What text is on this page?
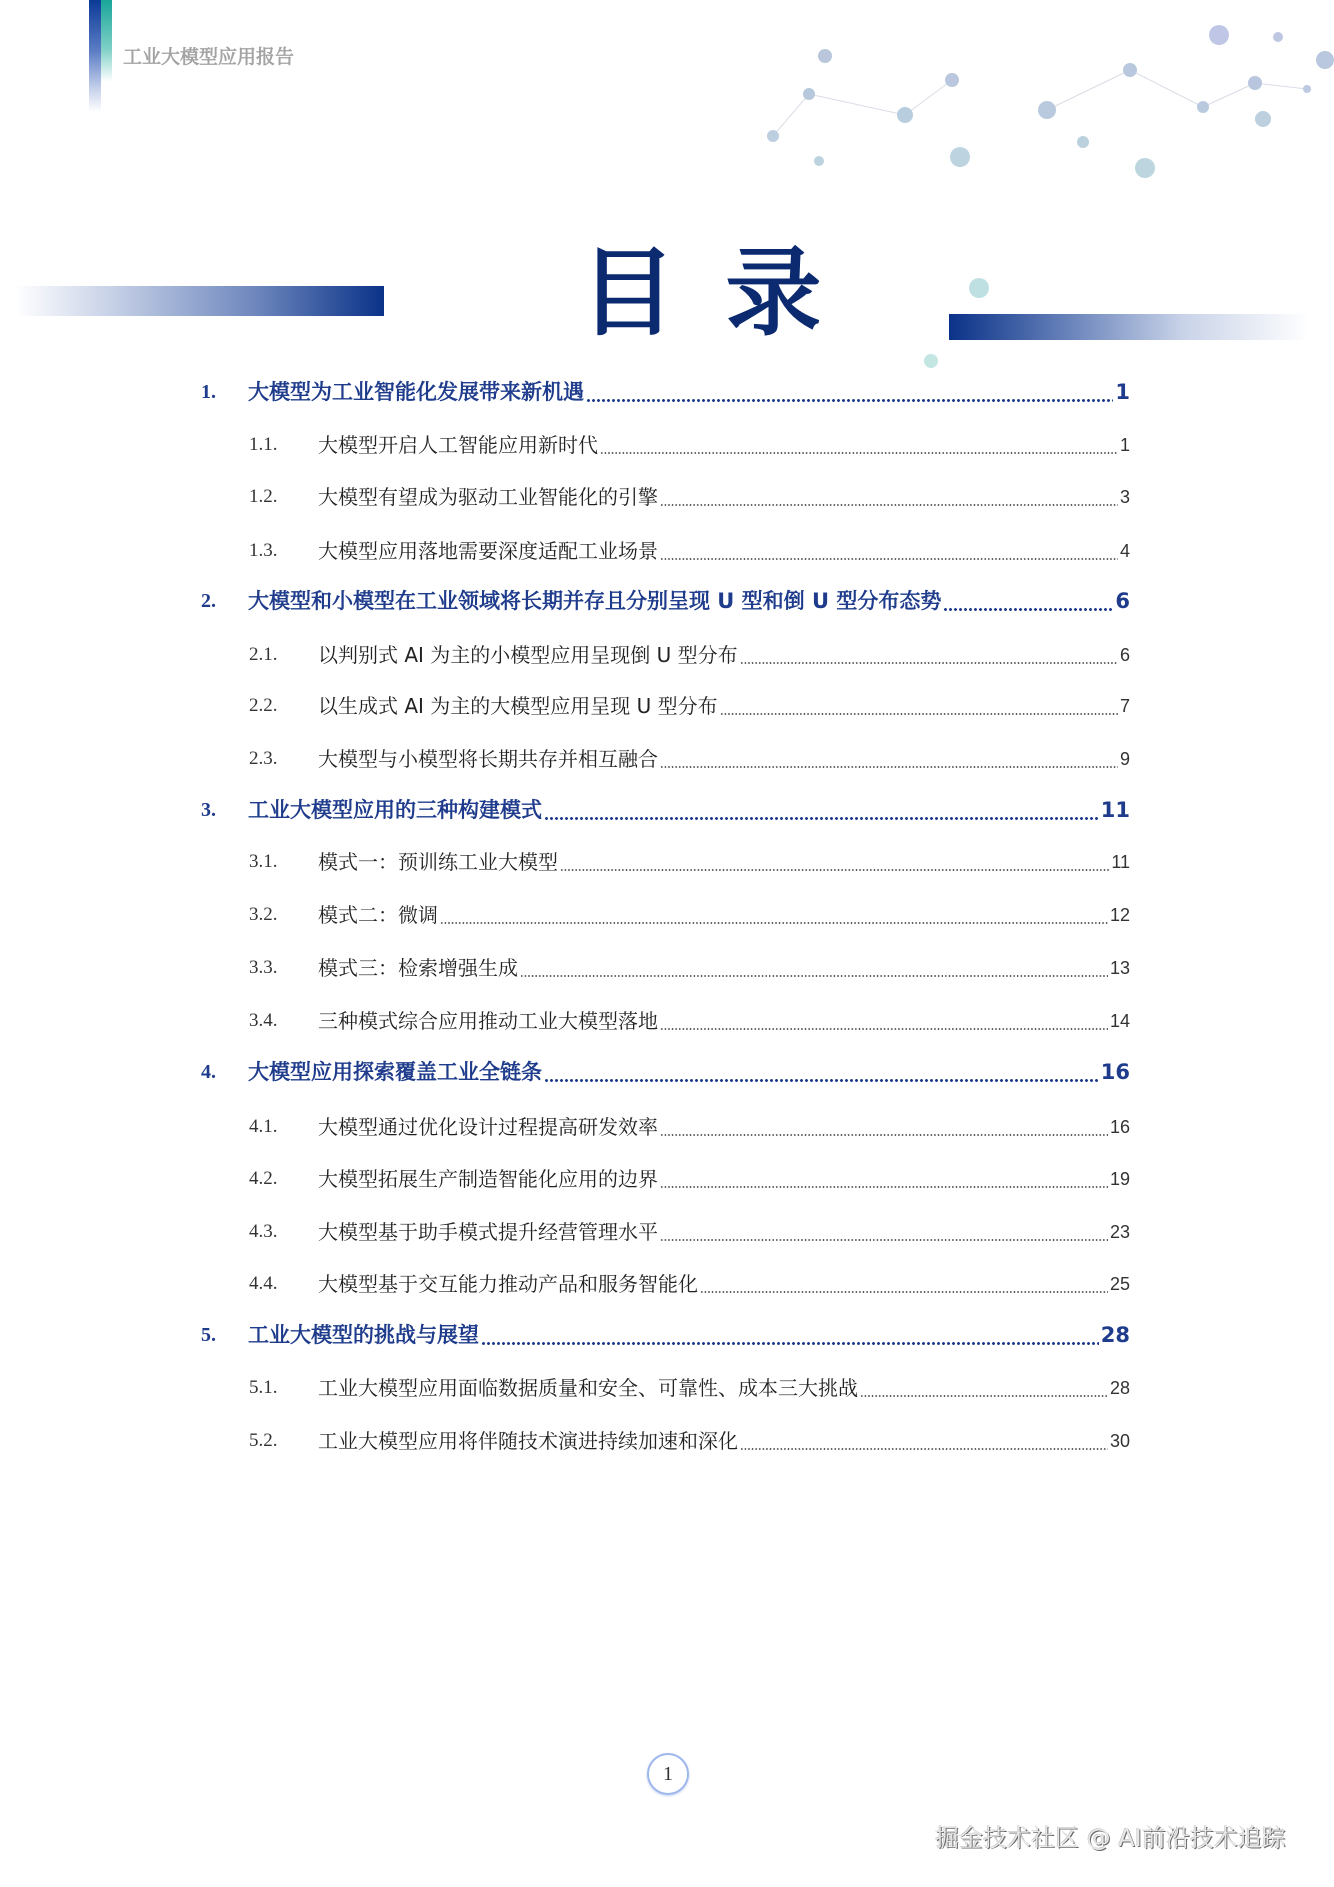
工业大模型应用报告
目 录
1. 大模型为工业智能化发展带来新机遇	1
1.1. 大模型开启人工智能应用新时代	1
1.2. 大模型有望成为驱动工业智能化的引擎	3
1.3. 大模型应用落地需要深度适配工业场景	4
2. 大模型和小模型在工业领域将长期并存且分别呈现 U 型和倒 U 型分布态势	6
2.1. 以判别式 AI 为主的小模型应用呈现倒 U 型分布	6
2.2. 以生成式 AI 为主的大模型应用呈现 U 型分布	7
2.3. 大模型与小模型将长期共存并相互融合	9
3. 工业大模型应用的三种构建模式	11
3.1. 模式一：预训练工业大模型	11
3.2. 模式二：微调	12
3.3. 模式三：检索增强生成	13
3.4. 三种模式综合应用推动工业大模型落地	14
4. 大模型应用探索覆盖工业全链条	16
4.1. 大模型通过优化设计过程提高研发效率	16
4.2. 大模型拓展生产制造智能化应用的边界	19
4.3. 大模型基于助手模式提升经营管理水平	23
4.4. 大模型基于交互能力推动产品和服务智能化	25
5. 工业大模型的挑战与展望	28
5.1. 工业大模型应用面临数据质量和安全、可靠性、成本三大挑战	28
5.2. 工业大模型应用将伴随技术演进持续加速和深化	30
1
掘金技术社区 @ AI前沿技术追踪
